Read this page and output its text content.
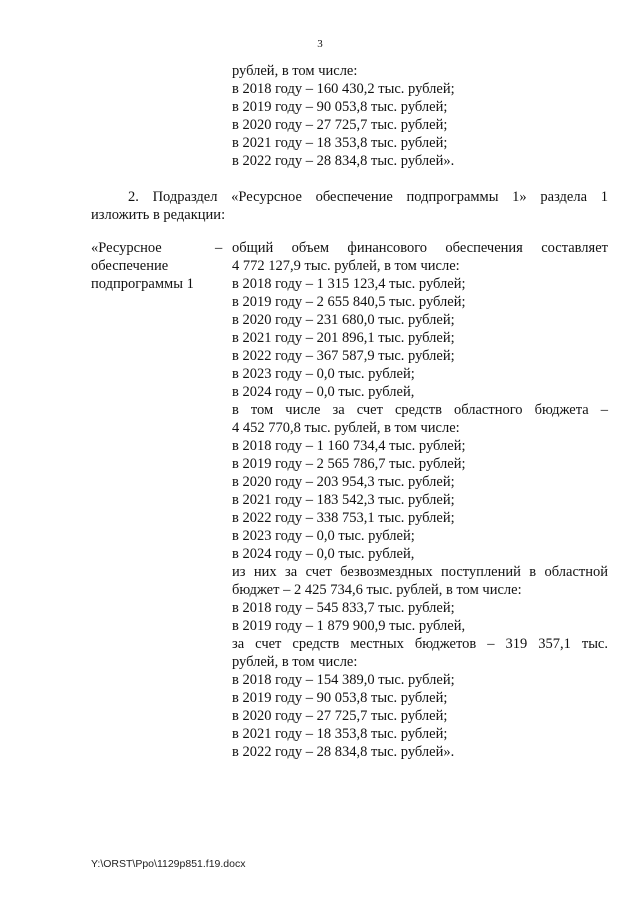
3
рублей, в том числе:
в 2018 году – 160 430,2 тыс. рублей;
в 2019 году – 90 053,8 тыс. рублей;
в 2020 году – 27 725,7 тыс. рублей;
в 2021 году – 18 353,8 тыс. рублей;
в 2022 году – 28 834,8 тыс. рублей».
2. Подраздел «Ресурсное обеспечение подпрограммы 1» раздела 1
изложить в редакции:
«Ресурсное
обеспечение
подпрограммы 1
– общий объем финансового обеспечения составляет
4 772 127,9 тыс. рублей, в том числе:
в 2018 году – 1 315 123,4 тыс. рублей;
в 2019 году – 2 655 840,5 тыс. рублей;
в 2020 году – 231 680,0 тыс. рублей;
в 2021 году – 201 896,1 тыс. рублей;
в 2022 году – 367 587,9 тыс. рублей;
в 2023 году – 0,0 тыс. рублей;
в 2024 году – 0,0 тыс. рублей,
в том числе за счет средств областного бюджета –
4 452 770,8 тыс. рублей, в том числе:
в 2018 году – 1 160 734,4 тыс. рублей;
в 2019 году – 2 565 786,7 тыс. рублей;
в 2020 году – 203 954,3 тыс. рублей;
в 2021 году – 183 542,3 тыс. рублей;
в 2022 году – 338 753,1 тыс. рублей;
в 2023 году – 0,0 тыс. рублей;
в 2024 году – 0,0 тыс. рублей,
из них за счет безвозмездных поступлений в областной
бюджет – 2 425 734,6 тыс. рублей, в том числе:
в 2018 году – 545 833,7 тыс. рублей;
в 2019 году – 1 879 900,9 тыс. рублей,
за счет средств местных бюджетов – 319 357,1 тыс.
рублей, в том числе:
в 2018 году – 154 389,0 тыс. рублей;
в 2019 году – 90 053,8 тыс. рублей;
в 2020 году – 27 725,7 тыс. рублей;
в 2021 году – 18 353,8 тыс. рублей;
в 2022 году – 28 834,8 тыс. рублей».
Y:\ORST\Ppo\1129p851.f19.docx
